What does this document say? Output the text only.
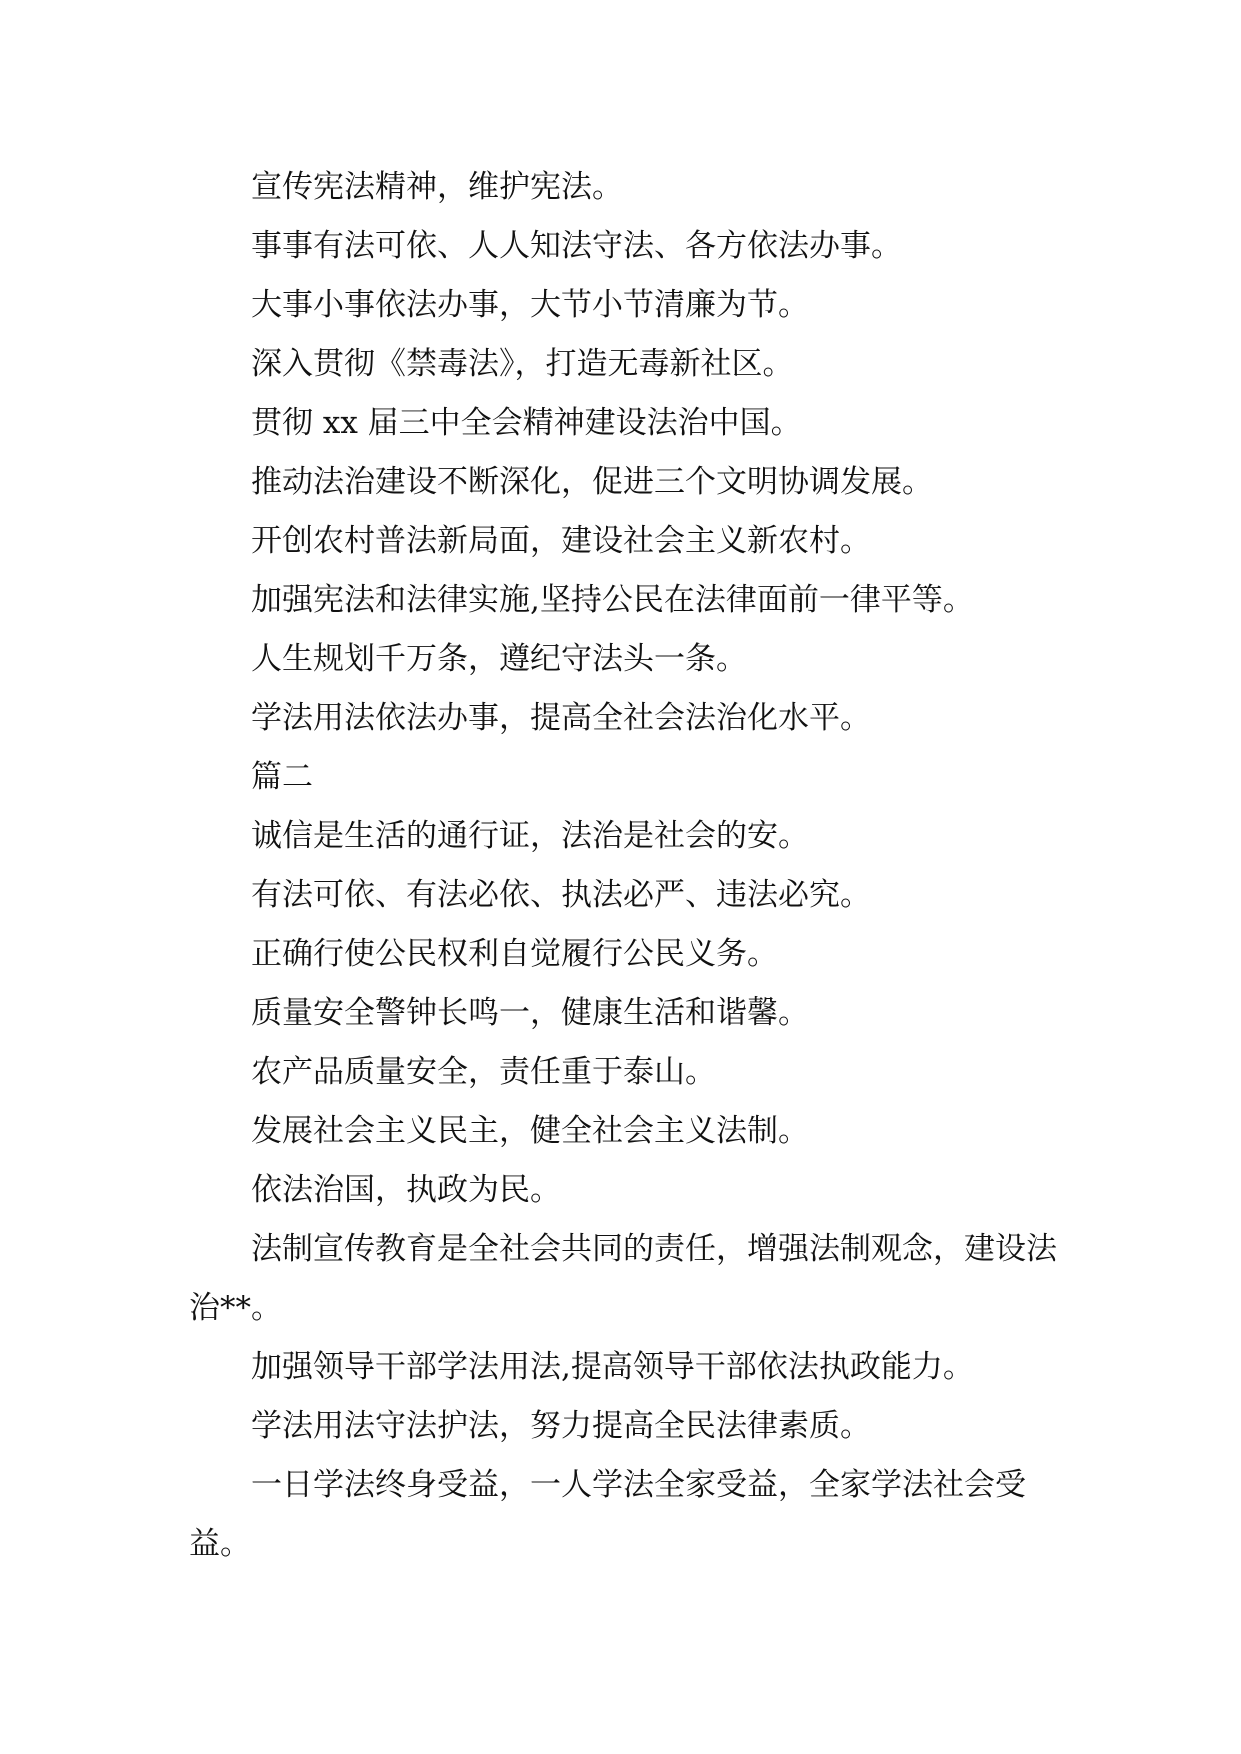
宣传宪法精神，维护宪法。

事事有法可依、人人知法守法、各方依法办事。

大事小事依法办事，大节小节清廉为节。

深入贯彻《禁毒法》，打造无毒新社区。

贯彻 xx 届三中全会精神建设法治中国。

推动法治建设不断深化，促进三个文明协调发展。

开创农村普法新局面，建设社会主义新农村。

加强宪法和法律实施,坚持公民在法律面前一律平等。

人生规划千万条，遵纪守法头一条。

学法用法依法办事，提高全社会法治化水平。

篇二

诚信是生活的通行证，法治是社会的安。

有法可依、有法必依、执法必严、违法必究。

正确行使公民权利自觉履行公民义务。

质量安全警钟长鸣一，健康生活和谐馨。

农产品质量安全，责任重于泰山。

发展社会主义民主，健全社会主义法制。

依法治国，执政为民。

法制宣传教育是全社会共同的责任，增强法制观念，建设法治**。

加强领导干部学法用法,提高领导干部依法执政能力。

学法用法守法护法，努力提高全民法律素质。

一日学法终身受益，一人学法全家受益，全家学法社会受益。
